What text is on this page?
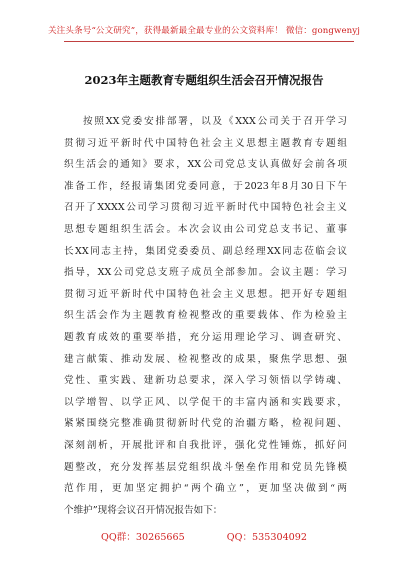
关注头条号“公文研究”，获得最新最全最专业的公文资料库！ 微信：gongwenyj
2023年主题教育专题组织生活会召开情况报告
按照XX党委安排部署，以及《XXX公司关于召开学习
贯彻习近平新时代中国特色社会主义思想主题教育专题组
织生活会的通知》要求，XX公司党总支认真做好会前各项
准备工作，经报请集团党委同意，于2023年8月30日下午
召开了XXXX公司学习贯彻习近平新时代中国特色社会主义
思想专题组织生活会。本次会议由公司党总支书记、董事
长XX同志主持，集团党委委员、副总经理XX同志莅临会议
指导，XX公司党总支班子成员全部参加。会议主题：学习
贯彻习近平新时代中国特色社会主义思想。把开好专题组
织生活会作为主题教育检视整改的重要载体、作为检验主
题教育成效的重要举措，充分运用理论学习、调查研究、
建言献策、推动发展、检视整改的成果，聚焦学思想、强
党性、重实践、建新功总要求，深入学习领悟以学铸魂、
以学增智、以学正风、以学促干的丰富内涵和实践要求，
紧紧围绕完整准确贯彻新时代党的治疆方略，检视问题、
深刻剖析，开展批评和自我批评，强化党性锤炼，抓好问
题整改，充分发挥基层党组织战斗堡垒作用和党员先锋模
范作用，更加坚定拥护“两个确立”，更加坚决做到“两
个维护”现将会议召开情况报告如下：
QQ群：30265665	QQ：535304092
